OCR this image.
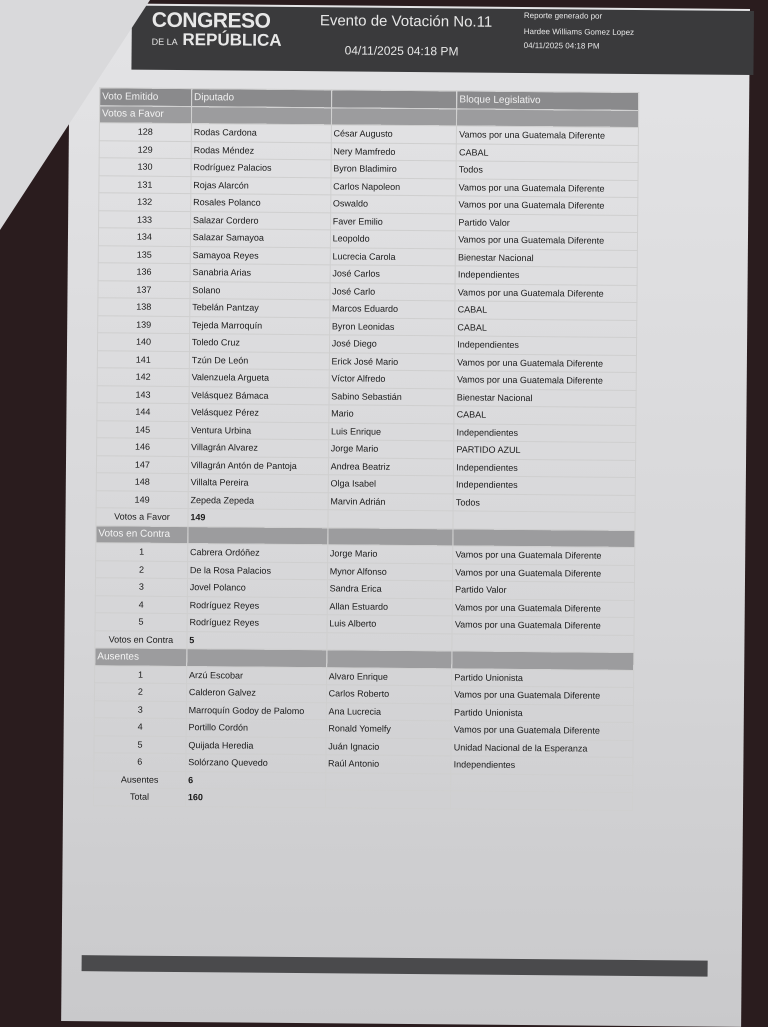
CONGRESO
DE LA REPÚBLICA
Evento de Votación No.11
04/11/2025 04:18 PM
Reporte generado por
Hardee Williams Gomez Lopez
04/11/2025 04:18 PM
Voto Emitido	Diputado		Bloque Legislativo
Votos a Favor			
128	Rodas Cardona	César Augusto	Vamos por una Guatemala Diferente
129	Rodas Méndez	Nery Mamfredo	CABAL
130	Rodríguez Palacios	Byron Bladimiro	Todos
131	Rojas Alarcón	Carlos Napoleon	Vamos por una Guatemala Diferente
132	Rosales Polanco	Oswaldo	Vamos por una Guatemala Diferente
133	Salazar Cordero	Faver Emilio	Partido Valor
134	Salazar Samayoa	Leopoldo	Vamos por una Guatemala Diferente
135	Samayoa Reyes	Lucrecia Carola	Bienestar Nacional
136	Sanabria Arias	José Carlos	Independientes
137	Solano	José Carlo	Vamos por una Guatemala Diferente
138	Tebelán Pantzay	Marcos Eduardo	CABAL
139	Tejeda Marroquín	Byron Leonidas	CABAL
140	Toledo Cruz	José Diego	Independientes
141	Tzún De León	Erick José Mario	Vamos por una Guatemala Diferente
142	Valenzuela Argueta	Víctor Alfredo	Vamos por una Guatemala Diferente
143	Velásquez Bámaca	Sabino Sebastián	Bienestar Nacional
144	Velásquez Pérez	Mario	CABAL
145	Ventura Urbina	Luis Enrique	Independientes
146	Villagrán Alvarez	Jorge Mario	PARTIDO AZUL
147	Villagrán Antón de Pantoja	Andrea Beatriz	Independientes
148	Villalta Pereira	Olga Isabel	Independientes
149	Zepeda Zepeda	Marvin Adrián	Todos
Votos a Favor	149		
Votos en Contra			
1	Cabrera Ordóñez	Jorge Mario	Vamos por una Guatemala Diferente
2	De la Rosa Palacios	Mynor Alfonso	Vamos por una Guatemala Diferente
3	Jovel Polanco	Sandra Erica	Partido Valor
4	Rodríguez Reyes	Allan Estuardo	Vamos por una Guatemala Diferente
5	Rodríguez Reyes	Luis Alberto	Vamos por una Guatemala Diferente
Votos en Contra	5		
Ausentes			
1	Arzú Escobar	Alvaro Enrique	Partido Unionista
2	Calderon Galvez	Carlos Roberto	Vamos por una Guatemala Diferente
3	Marroquín Godoy de Palomo	Ana Lucrecia	Partido Unionista
4	Portillo Cordón	Ronald Yomelfy	Vamos por una Guatemala Diferente
5	Quijada Heredia	Juán Ignacio	Unidad Nacional de la Esperanza
6	Solórzano Quevedo	Raúl Antonio	Independientes
Ausentes	6		
Total	160		
